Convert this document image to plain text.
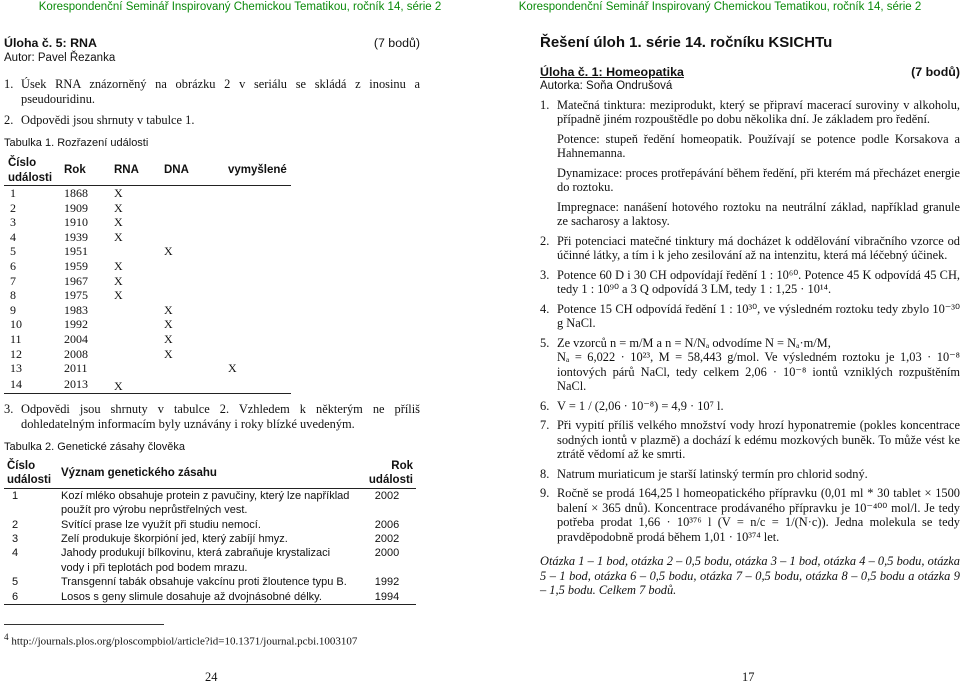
Korespondenční Seminář Inspirovaný Chemickou Tematikou, ročník 14, série 2	Korespondenční Seminář Inspirovaný Chemickou Tematikou, ročník 14, série 2
Úloha č. 5: RNA	(7 bodů)
Autor: Pavel Řezanka
1. Úsek RNA znázorněný na obrázku 2 v seriálu se skládá z inosinu a pseudouridinu.
2. Odpovědi jsou shrnuty v tabulce 1.
Tabulka 1. Rozřazení události
Číslo události	Rok	RNA	DNA	vymyšlené
1	1868	X		
2	1909	X		
3	1910	X		
4	1939	X		
5	1951		X	
6	1959	X		
7	1967	X		
8	1975	X		
9	1983		X	
10	1992		X	
11	2004		X	
12	2008		X	
13	2011			X
14	2013	X		
3. Odpovědi jsou shrnuty v tabulce 2. Vzhledem k některým ne příliš dohledatelným informacím byly uznávány i roky blízké uvedeným.
Tabulka 2. Genetické zásahy člověka
Číslo události	Význam genetického zásahu	Rok události
1	Kozí mléko obsahuje protein z pavučiny, který lze například použít pro výrobu neprůstřelných vest.	2002
2	Svítící prase lze využít při studiu nemocí.	2006
3	Zelí produkuje škorpióní jed, který zabíjí hmyz.	2002
4	Jahody produkují bílkovinu, která zabraňuje krystalizaci vody i při teplotách pod bodem mrazu.	2000
5	Transgenní tabák obsahuje vakcínu proti žloutence typu B.	1992
6	Losos s geny slimule dosahuje až dvojnásobné délky.	1994
$^4$ http://journals.plos.org/ploscompbiol/article?id=10.1371/journal.pcbi.1003107
24
Řešení úloh 1. série 14. ročníku KSICHTu
Úloha č. 1: Homeopatika	(7 bodů)
Autorka: Soňa Ondrušová
1. Matečná tinktura: meziprodukt, který se připraví macerací suroviny v alkoholu, případně jiném rozpouštědle po dobu několika dní. Je základem pro ředění.
Potence: stupeň ředění homeopatik. Používají se potence podle Korsakova a Hahnemanna.
Dynamizace: proces protřepávání během ředění, při kterém má přecházet energie do roztoku.
Impregnace: nanášení hotového roztoku na neutrální základ, například granule ze sacharosy a laktosy.
2. Při potenciaci matečné tinktury má docházet k oddělování vibračního vzorce od účinné látky, a tím i k jeho zesilování až na intenzitu, která má léčebný účinek.
3. Potence 60 D i 30 CH odpovídají ředění 1 : 10⁶⁰. Potence 45 K odpovídá 45 CH, tedy 1 : 10⁹⁰ a 3 Q odpovídá 3 LM, tedy 1 : 1,25 · 10¹⁴.
4. Potence 15 CH odpovídá ředění 1 : 10³⁰, ve výsledném roztoku tedy zbylo 10⁻³⁰ g NaCl.
5. Ze vzorců n = m/M a n = N/Nₐ odvodíme N = Nₐ·m/M,
Nₐ = 6,022 · 10²³, M = 58,443 g/mol. Ve výsledném roztoku je 1,03 · 10⁻⁸ iontových párů NaCl, tedy celkem 2,06 · 10⁻⁸ iontů vzniklých rozpuštěním NaCl.
6. V = 1 / (2,06 · 10⁻⁸) = 4,9 · 10⁷ l.
7. Při vypití příliš velkého množství vody hrozí hyponatremie (pokles koncentrace sodných iontů v plazmě) a dochází k edému mozkových buněk. To může vést ke ztrátě vědomí až ke smrti.
8. Natrum muriaticum je starší latinský termín pro chlorid sodný.
9. Ročně se prodá 164,25 l homeopatického přípravku (0,01 ml * 30 tablet × 1500 balení × 365 dnů). Koncentrace prodávaného přípravku je 10⁻⁴⁰⁰ mol/l. Je tedy potřeba prodat 1,66 · 10³⁷⁶ l (V = n/c = 1/(N·c)). Jedna molekula se tedy pravděpodobně prodá během 1,01 · 10³⁷⁴ let.
Otázka 1 – 1 bod, otázka 2 – 0,5 bodu, otázka 3 – 1 bod, otázka 4 – 0,5 bodu, otázka 5 – 1 bod, otázka 6 – 0,5 bodu, otázka 7 – 0,5 bodu, otázka 8 – 0,5 bodu a otázka 9 – 1,5 bodu. Celkem 7 bodů.
17
